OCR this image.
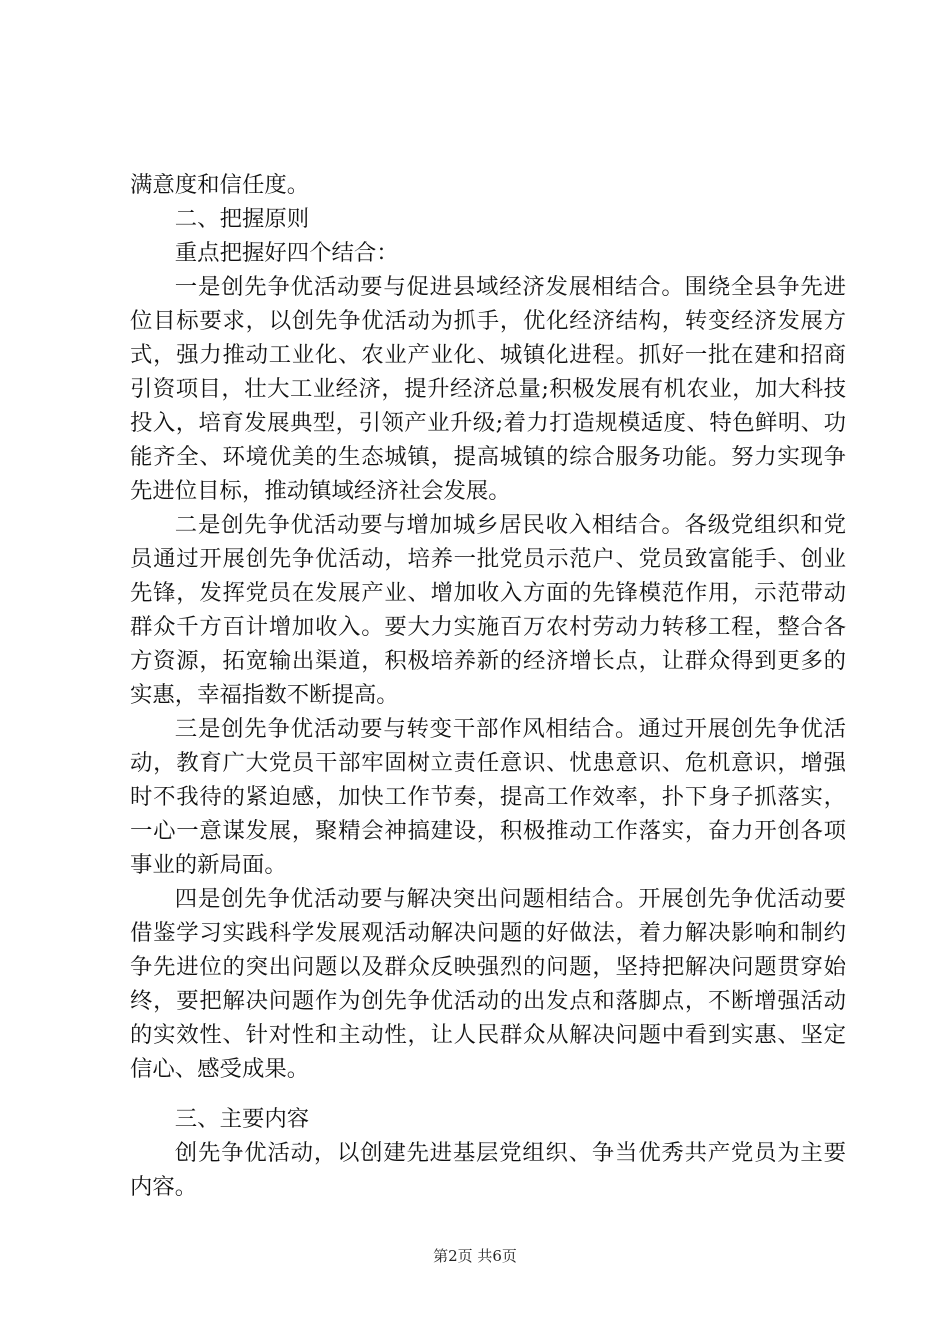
满意度和信任度。

二、把握原则

重点把握好四个结合：

一是创先争优活动要与促进县域经济发展相结合。围绕全县争先进位目标要求，以创先争优活动为抓手，优化经济结构，转变经济发展方式，强力推动工业化、农业产业化、城镇化进程。抓好一批在建和招商引资项目，壮大工业经济，提升经济总量;积极发展有机农业，加大科技投入，培育发展典型，引领产业升级;着力打造规模适度、特色鲜明、功能齐全、环境优美的生态城镇，提高城镇的综合服务功能。努力实现争先进位目标，推动镇域经济社会发展。

二是创先争优活动要与增加城乡居民收入相结合。各级党组织和党员通过开展创先争优活动，培养一批党员示范户、党员致富能手、创业先锋，发挥党员在发展产业、增加收入方面的先锋模范作用，示范带动群众千方百计增加收入。要大力实施百万农村劳动力转移工程，整合各方资源，拓宽输出渠道，积极培养新的经济增长点，让群众得到更多的实惠，幸福指数不断提高。

三是创先争优活动要与转变干部作风相结合。通过开展创先争优活动，教育广大党员干部牢固树立责任意识、忧患意识、危机意识，增强时不我待的紧迫感，加快工作节奏，提高工作效率，扑下身子抓落实，一心一意谋发展，聚精会神搞建设，积极推动工作落实，奋力开创各项事业的新局面。

四是创先争优活动要与解决突出问题相结合。开展创先争优活动要借鉴学习实践科学发展观活动解决问题的好做法，着力解决影响和制约争先进位的突出问题以及群众反映强烈的问题，坚持把解决问题贯穿始终，要把解决问题作为创先争优活动的出发点和落脚点，不断增强活动的实效性、针对性和主动性，让人民群众从解决问题中看到实惠、坚定信心、感受成果。

三、主要内容

创先争优活动，以创建先进基层党组织、争当优秀共产党员为主要内容。

第2页 共6页
